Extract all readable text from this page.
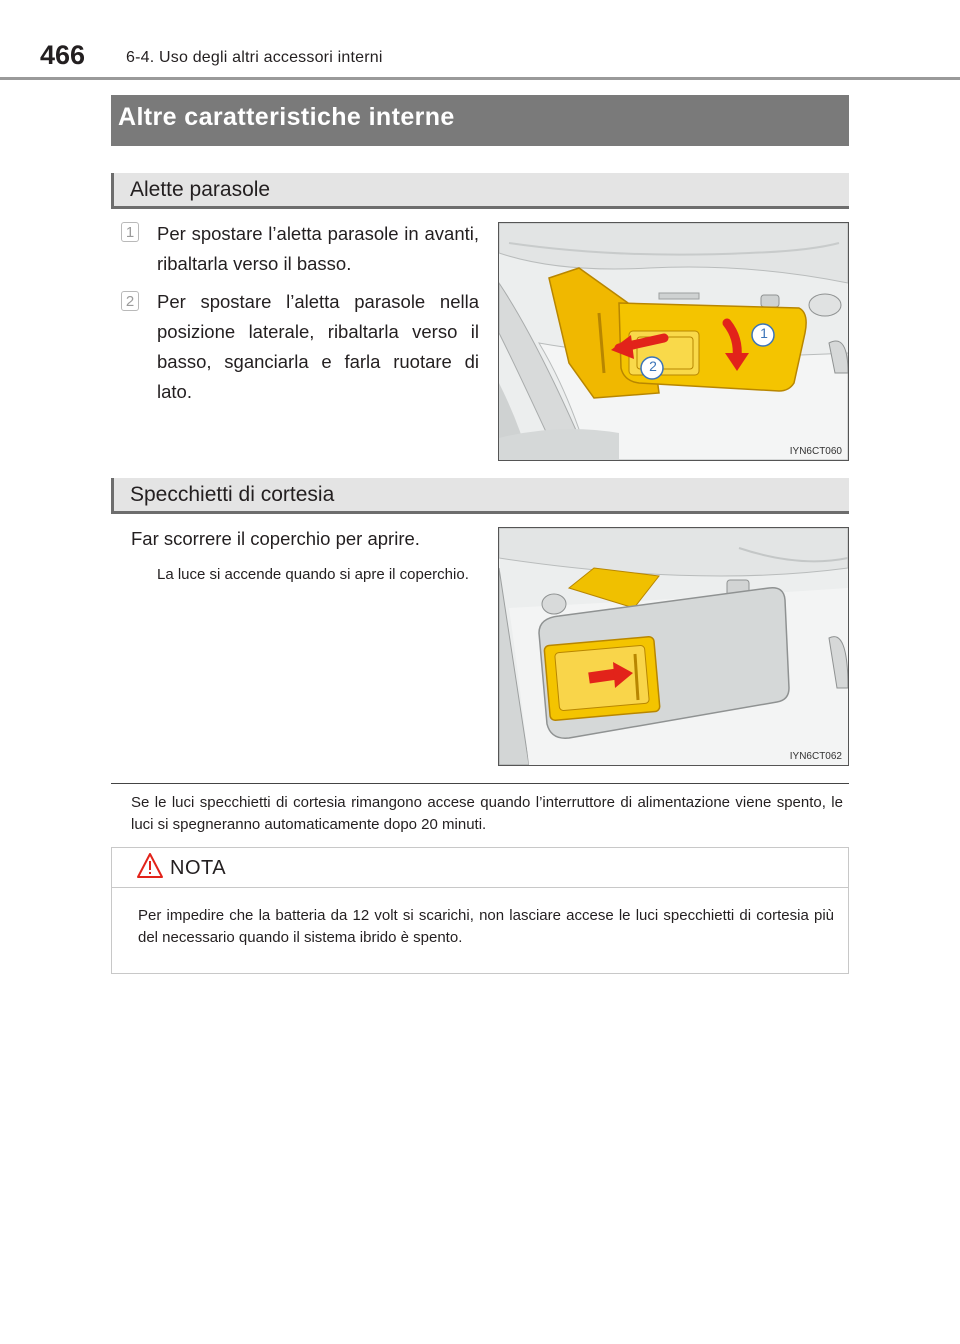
466	6-4. Uso degli altri accessori interni
Altre caratteristiche interne
Alette parasole
1 Per spostare l’aletta parasole in avanti, ribaltarla verso il basso.
2 Per spostare l’aletta parasole nella posizione laterale, ribaltarla verso il basso, sganciarla e farla ruotare di lato.
1
2
IYN6CT060
Specchietti di cortesia
Far scorrere il coperchio per aprire.
La luce si accende quando si apre il coperchio.
IYN6CT062
Se le luci specchietti di cortesia rimangono accese quando l’interruttore di alimentazione viene spento, le luci si spegneranno automaticamente dopo 20 minuti.
NOTA
Per impedire che la batteria da 12 volt si scarichi, non lasciare accese le luci specchietti di cortesia più del necessario quando il sistema ibrido è spento.
